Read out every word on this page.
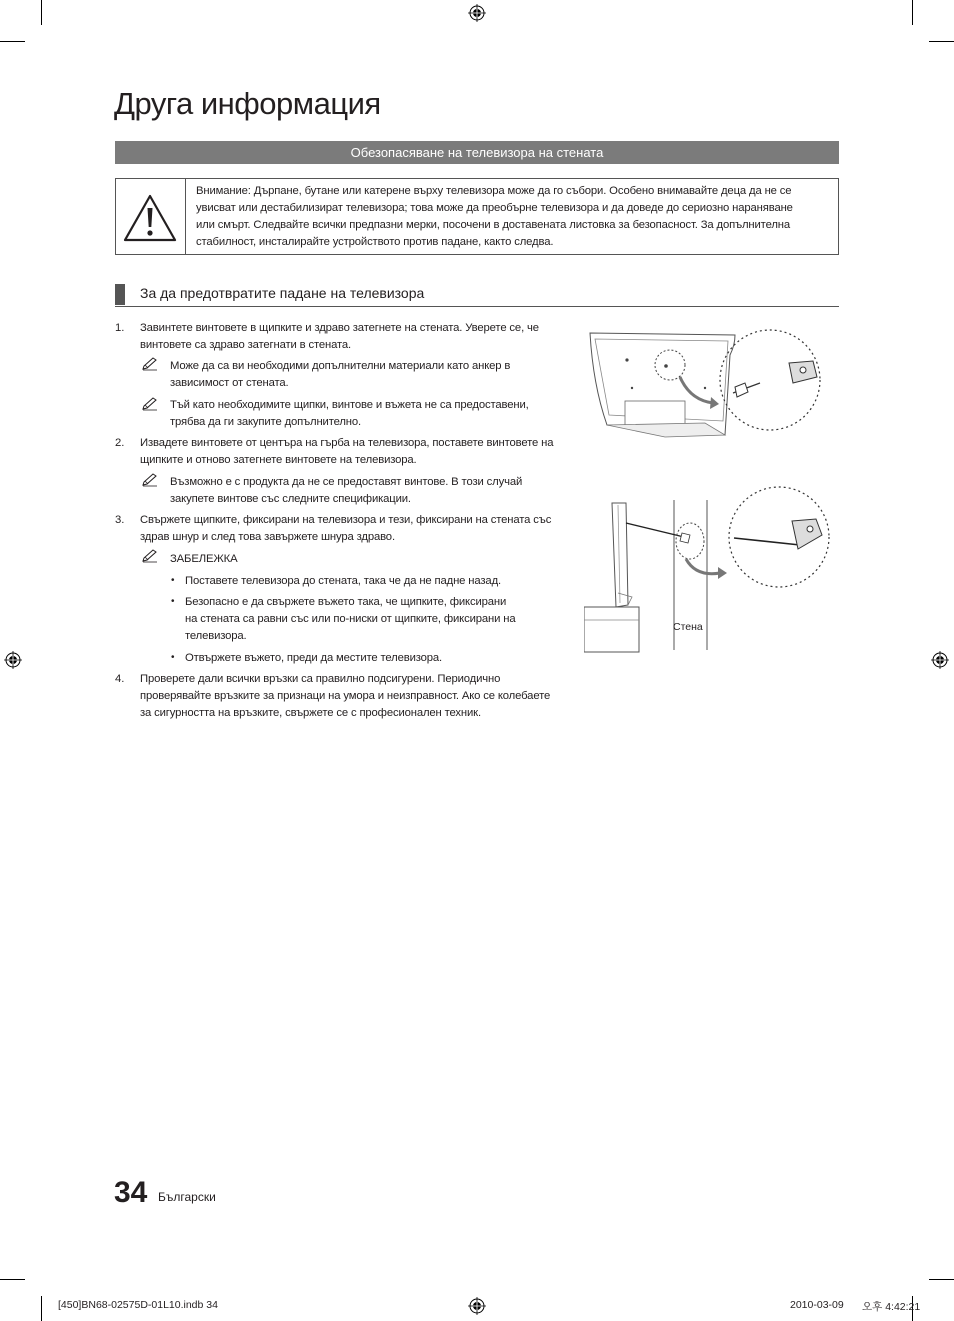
Друга информация
Обезопасяване на телевизора на стената
Внимание: Дърпане, бутане или катерене върху телевизора може да го събори. Особено внимавайте деца да не се
увисват или дестабилизират телевизора; това може да преобърне телевизора и да доведе до сериозно нараняване
или смърт. Следвайте всички предпазни мерки, посочени в доставената листовка за безопасност. За допълнителна
стабилност, инсталирайте устройството против падане, както следва.
За да предотвратите падане на телевизора
1. Завинтете винтовете в щипките и здраво затегнете на стената. Уверете се, че
винтовете са здраво затегнати в стената.
Може да са ви необходими допълнителни материали като анкер в
зависимост от стената.
Тъй като необходимите щипки, винтове и въжета не са предоставени,
трябва да ги закупите допълнително.
2. Извадете винтовете от центъра на гърба на телевизора, поставете винтовете на
щипките и отново затегнете винтовете на телевизора.
Възможно е с продукта да не се предоставят винтове. В този случай
закупете винтове със следните спецификации.
3. Свържете щипките, фиксирани на телевизора и тези, фиксирани на стената със
здрав шнур и след това завържете шнура здраво.
ЗАБЕЛЕЖКА
• Поставете телевизора до стената, така че да не падне назад.
• Безопасно е да свържете въжето така, че щипките, фиксирани
на стената са равни със или по-ниски от щипките, фиксирани на
телевизора.
• Отвържете въжето, преди да местите телевизора.
4. Проверете дали всички връзки са правилно подсигурени. Периодично
проверявайте връзките за признаци на умора и неизправност. Ако се колебаете
за сигурността на връзките, свържете се с професионален техник.
Стена
34 Български
[450]BN68-02575D-01L10.indb 34	2010-03-09 오후 4:42:21
